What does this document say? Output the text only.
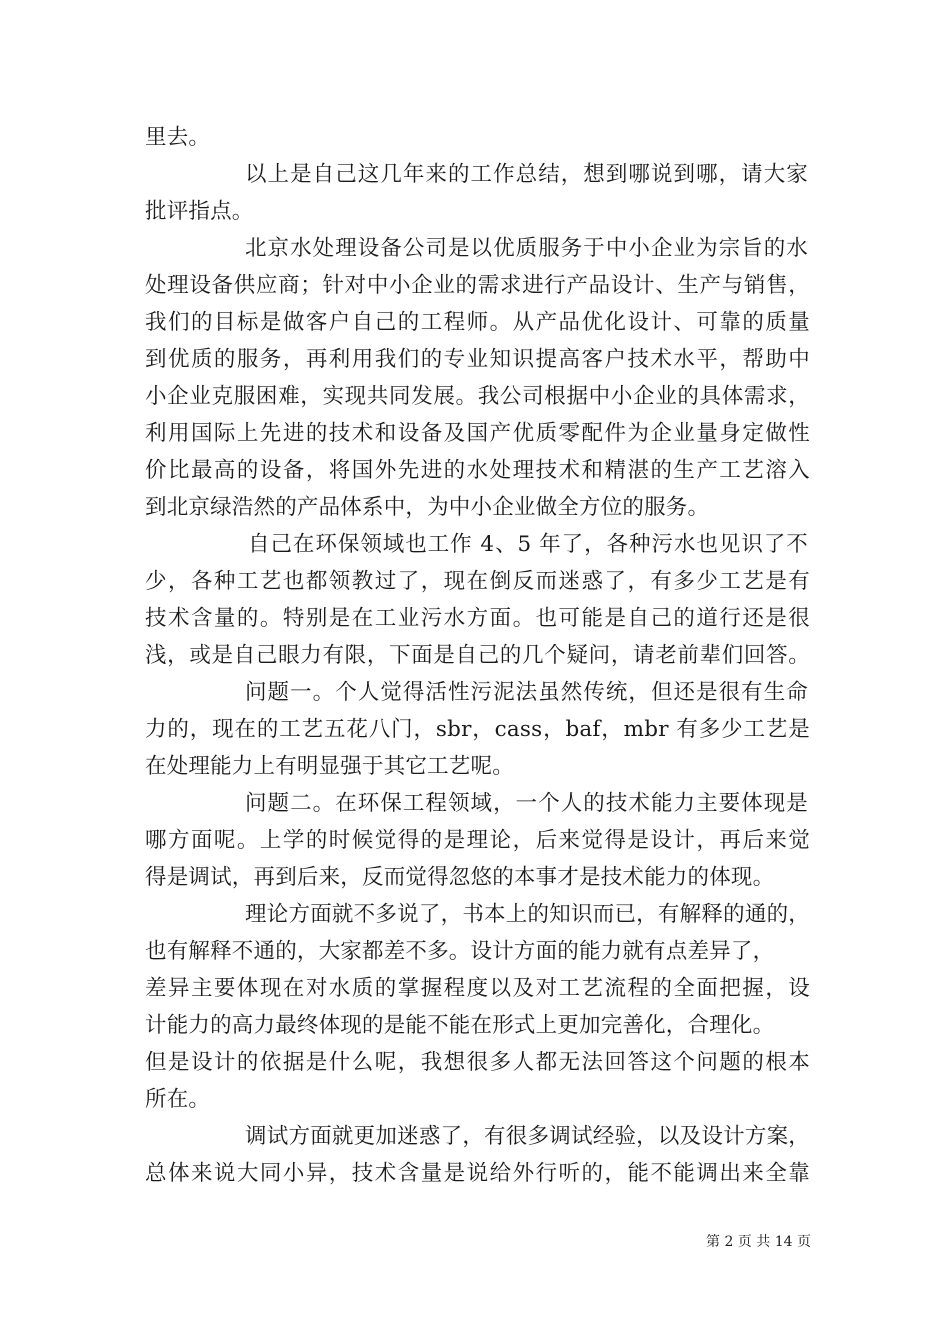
里去。
以上是自己这几年来的工作总结，想到哪说到哪，请大家
批评指点。
北京水处理设备公司是以优质服务于中小企业为宗旨的水
处理设备供应商；针对中小企业的需求进行产品设计、生产与销售，
我们的目标是做客户自己的工程师。从产品优化设计、可靠的质量
到优质的服务，再利用我们的专业知识提高客户技术水平，帮助中
小企业克服困难，实现共同发展。我公司根据中小企业的具体需求，
利用国际上先进的技术和设备及国产优质零配件为企业量身定做性
价比最高的设备，将国外先进的水处理技术和精湛的生产工艺溶入
到北京绿浩然的产品体系中，为中小企业做全方位的服务。
自己在环保领域也工作 4、5 年了，各种污水也见识了不
少，各种工艺也都领教过了，现在倒反而迷惑了，有多少工艺是有
技术含量的。特别是在工业污水方面。也可能是自己的道行还是很
浅，或是自己眼力有限，下面是自己的几个疑问，请老前辈们回答。
问题一。个人觉得活性污泥法虽然传统，但还是很有生命
力的，现在的工艺五花八门，sbr，cass，baf，mbr 有多少工艺是
在处理能力上有明显强于其它工艺呢。
问题二。在环保工程领域，一个人的技术能力主要体现是
哪方面呢。上学的时候觉得的是理论，后来觉得是设计，再后来觉
得是调试，再到后来，反而觉得忽悠的本事才是技术能力的体现。
理论方面就不多说了，书本上的知识而已，有解释的通的，
也有解释不通的，大家都差不多。设计方面的能力就有点差异了，
差异主要体现在对水质的掌握程度以及对工艺流程的全面把握，设
计能力的高力最终体现的是能不能在形式上更加完善化，合理化。
但是设计的依据是什么呢，我想很多人都无法回答这个问题的根本
所在。
调试方面就更加迷惑了，有很多调试经验，以及设计方案，
总体来说大同小异，技术含量是说给外行听的，能不能调出来全靠
第 2 页 共 14 页
